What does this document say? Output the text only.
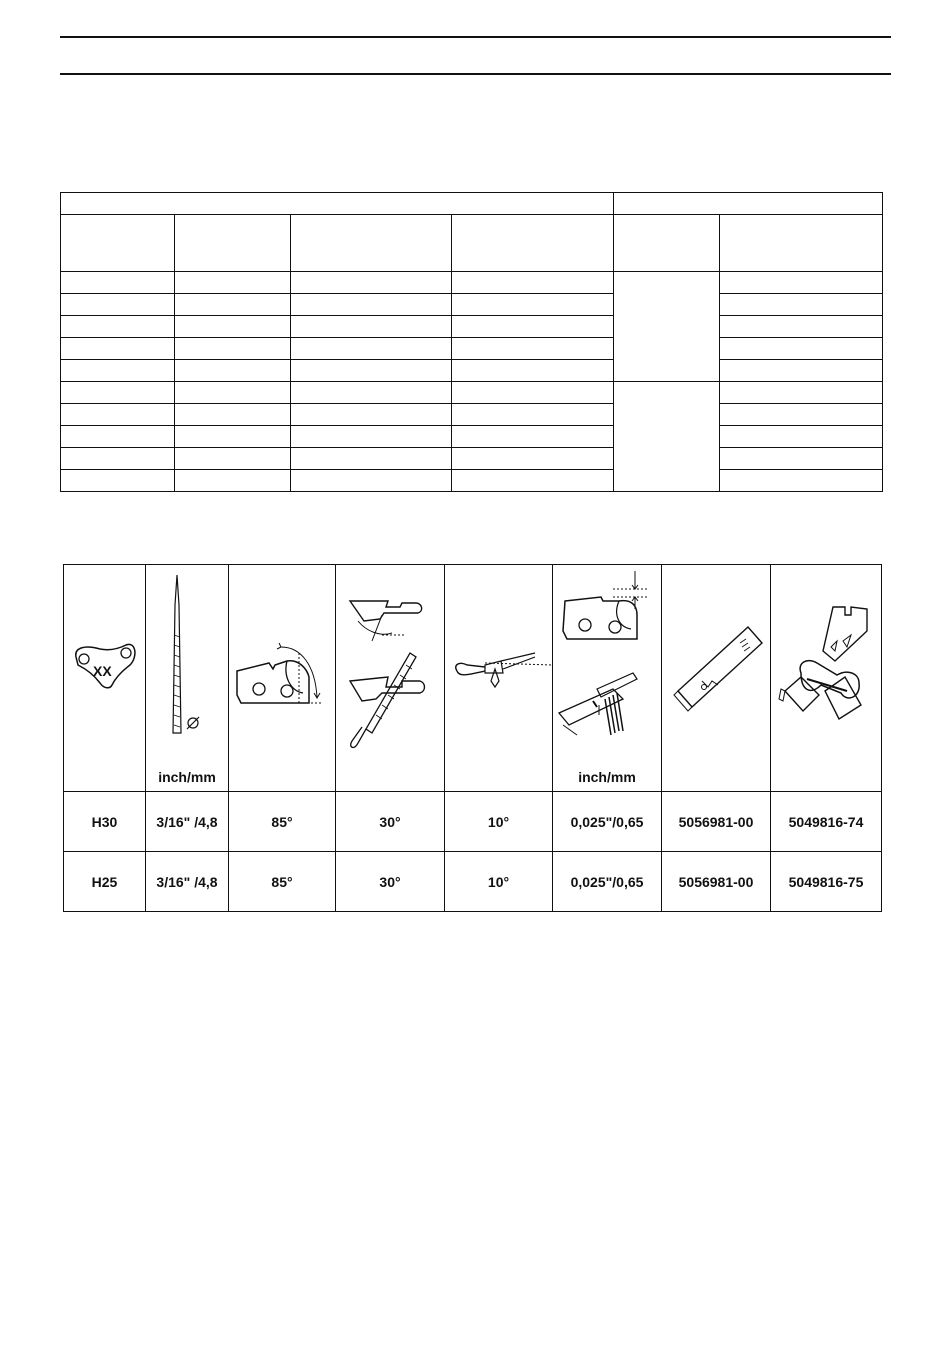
XX	inch/mm				inch/mm

H30	3/16" /4,8	85°	30°	10°	0,025"/0,65	5056981-00	5049816-74
H25	3/16" /4,8	85°	30°	10°	0,025"/0,65	5056981-00	5049816-75
